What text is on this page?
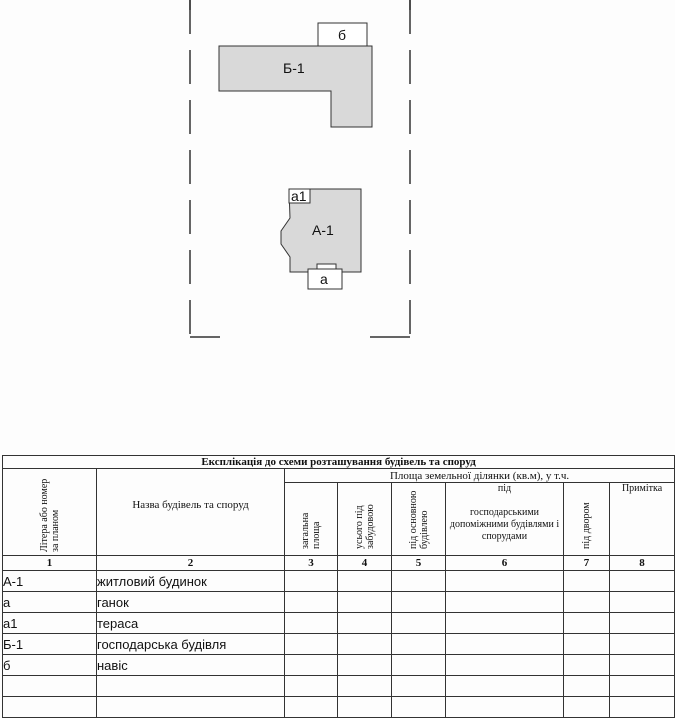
Б-1
б
а1
А-1
а
Експлікація до схеми розташування будівель та споруд							

Літера або номер за планом	Назва будівель та споруд	Площа земельної ділянки (кв.м), у т.ч.					

		загальна площа	усього під забудовою	під основною будівлею	під
господарськими допоміжними будівлями і спорудами	під двором	Примітка
1	2	3	4	5	6	7	8
А-1	житловий будинок						
а	ганок						
а1	тераса						
Б-1	господарська будівля						
б	навіс						
